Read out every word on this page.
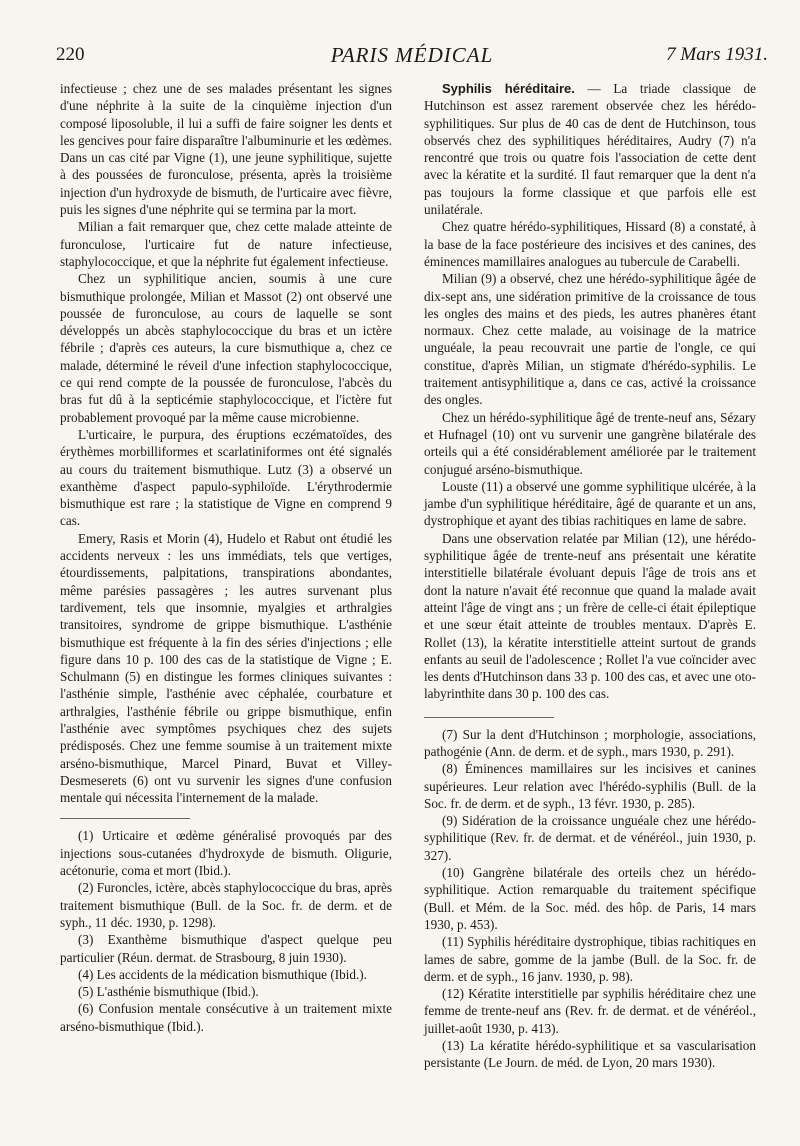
220	PARIS MÉDICAL	7 Mars 1931.

infectieuse ; chez une de ses malades présentant les signes d'une néphrite à la suite de la cinquième injection d'un composé liposoluble, il lui a suffi de faire soigner les dents et les gencives pour faire disparaître l'albuminurie et les œdèmes. Dans un cas cité par Vigne (1), une jeune syphilitique, sujette à des poussées de furonculose, présenta, après la troisième injection d'un hydroxyde de bismuth, de l'urticaire avec fièvre, puis les signes d'une néphrite qui se termina par la mort.

Milian a fait remarquer que, chez cette malade atteinte de furonculose, l'urticaire fut de nature infectieuse, staphylococcique, et que la néphrite fut également infectieuse.

Chez un syphilitique ancien, soumis à une cure bismuthique prolongée, Milian et Massot (2) ont observé une poussée de furonculose, au cours de laquelle se sont développés un abcès staphylococcique du bras et un ictère fébrile ; d'après ces auteurs, la cure bismuthique a, chez ce malade, déterminé le réveil d'une infection staphylococcique, ce qui rend compte de la poussée de furonculose, l'abcès du bras fut dû à la septicémie staphylococcique, et l'ictère fut probablement provoqué par la même cause microbienne.

L'urticaire, le purpura, des éruptions eczématoïdes, des érythèmes morbilliformes et scarlatiniformes ont été signalés au cours du traitement bismuthique. Lutz (3) a observé un exanthème d'aspect papulo-syphiloïde. L'érythrodermie bismuthique est rare ; la statistique de Vigne en comprend 9 cas.

Emery, Rasis et Morin (4), Hudelo et Rabut ont étudié les accidents nerveux : les uns immédiats, tels que vertiges, étourdissements, palpitations, transpirations abondantes, même parésies passagères ; les autres survenant plus tardivement, tels que insomnie, myalgies et arthralgies transitoires, syndrome de grippe bismuthique. L'asthénie bismuthique est fréquente à la fin des séries d'injections ; elle figure dans 10 p. 100 des cas de la statistique de Vigne ; E. Schulmann (5) en distingue les formes cliniques suivantes : l'asthénie simple, l'asthénie avec céphalée, courbature et arthralgies, l'asthénie fébrile ou grippe bismuthique, enfin l'asthénie avec symptômes psychiques chez des sujets prédisposés. Chez une femme soumise à un traitement mixte arséno-bismuthique, Marcel Pinard, Buvat et Villey-Desmeserets (6) ont vu survenir les signes d'une confusion mentale qui nécessita l'internement de la malade.

(1) Urticaire et œdème généralisé provoqués par des injections sous-cutanées d'hydroxyde de bismuth. Oligurie, acétonurie, coma et mort (Ibid.).

(2) Furoncles, ictère, abcès staphylococcique du bras, après traitement bismuthique (Bull. de la Soc. fr. de derm. et de syph., 11 déc. 1930, p. 1298).

(3) Exanthème bismuthique d'aspect quelque peu particulier (Réun. dermat. de Strasbourg, 8 juin 1930).

(4) Les accidents de la médication bismuthique (Ibid.).

(5) L'asthénie bismuthique (Ibid.).

(6) Confusion mentale consécutive à un traitement mixte arséno-bismuthique (Ibid.).

Syphilis héréditaire. — La triade classique de Hutchinson est assez rarement observée chez les hérédo-syphilitiques. Sur plus de 40 cas de dent de Hutchinson, tous observés chez des syphilitiques héréditaires, Audry (7) n'a rencontré que trois ou quatre fois l'association de cette dent avec la kératite et la surdité. Il faut remarquer que la dent n'a pas toujours la forme classique et que parfois elle est unilatérale.

Chez quatre hérédo-syphilitiques, Hissard (8) a constaté, à la base de la face postérieure des incisives et des canines, des éminences mamillaires analogues au tubercule de Carabelli.

Milian (9) a observé, chez une hérédo-syphilitique âgée de dix-sept ans, une sidération primitive de la croissance de tous les ongles des mains et des pieds, les autres phanères étant normaux. Chez cette malade, au voisinage de la matrice unguéale, la peau recouvrait une partie de l'ongle, ce qui constitue, d'après Milian, un stigmate d'hérédo-syphilis. Le traitement antisyphilitique a, dans ce cas, activé la croissance des ongles.

Chez un hérédo-syphilitique âgé de trente-neuf ans, Sézary et Hufnagel (10) ont vu survenir une gangrène bilatérale des orteils qui a été considérablement améliorée par le traitement conjugué arséno-bismuthique.

Louste (11) a observé une gomme syphilitique ulcérée, à la jambe d'un syphilitique héréditaire, âgé de quarante et un ans, dystrophique et ayant des tibias rachitiques en lame de sabre.

Dans une observation relatée par Milian (12), une hérédo-syphilitique âgée de trente-neuf ans présentait une kératite interstitielle bilatérale évoluant depuis l'âge de trois ans et dont la nature n'avait été reconnue que quand la malade avait atteint l'âge de vingt ans ; un frère de celle-ci était épileptique et une sœur était atteinte de troubles mentaux. D'après E. Rollet (13), la kératite interstitielle atteint surtout de grands enfants au seuil de l'adolescence ; Rollet l'a vue coïncider avec les dents d'Hutchinson dans 33 p. 100 des cas, et avec une oto-labyrinthite dans 30 p. 100 des cas.

(7) Sur la dent d'Hutchinson ; morphologie, associations, pathogénie (Ann. de derm. et de syph., mars 1930, p. 291).

(8) Éminences mamillaires sur les incisives et canines supérieures. Leur relation avec l'hérédo-syphilis (Bull. de la Soc. fr. de derm. et de syph., 13 févr. 1930, p. 285).

(9) Sidération de la croissance unguéale chez une hérédo-syphilitique (Rev. fr. de dermat. et de vénéréol., juin 1930, p. 327).

(10) Gangrène bilatérale des orteils chez un hérédo-syphilitique. Action remarquable du traitement spécifique (Bull. et Mém. de la Soc. méd. des hôp. de Paris, 14 mars 1930, p. 453).

(11) Syphilis héréditaire dystrophique, tibias rachitiques en lames de sabre, gomme de la jambe (Bull. de la Soc. fr. de derm. et de syph., 16 janv. 1930, p. 98).

(12) Kératite interstitielle par syphilis héréditaire chez une femme de trente-neuf ans (Rev. fr. de dermat. et de vénéréol., juillet-août 1930, p. 413).

(13) La kératite hérédo-syphilitique et sa vascularisation persistante (Le Journ. de méd. de Lyon, 20 mars 1930).
